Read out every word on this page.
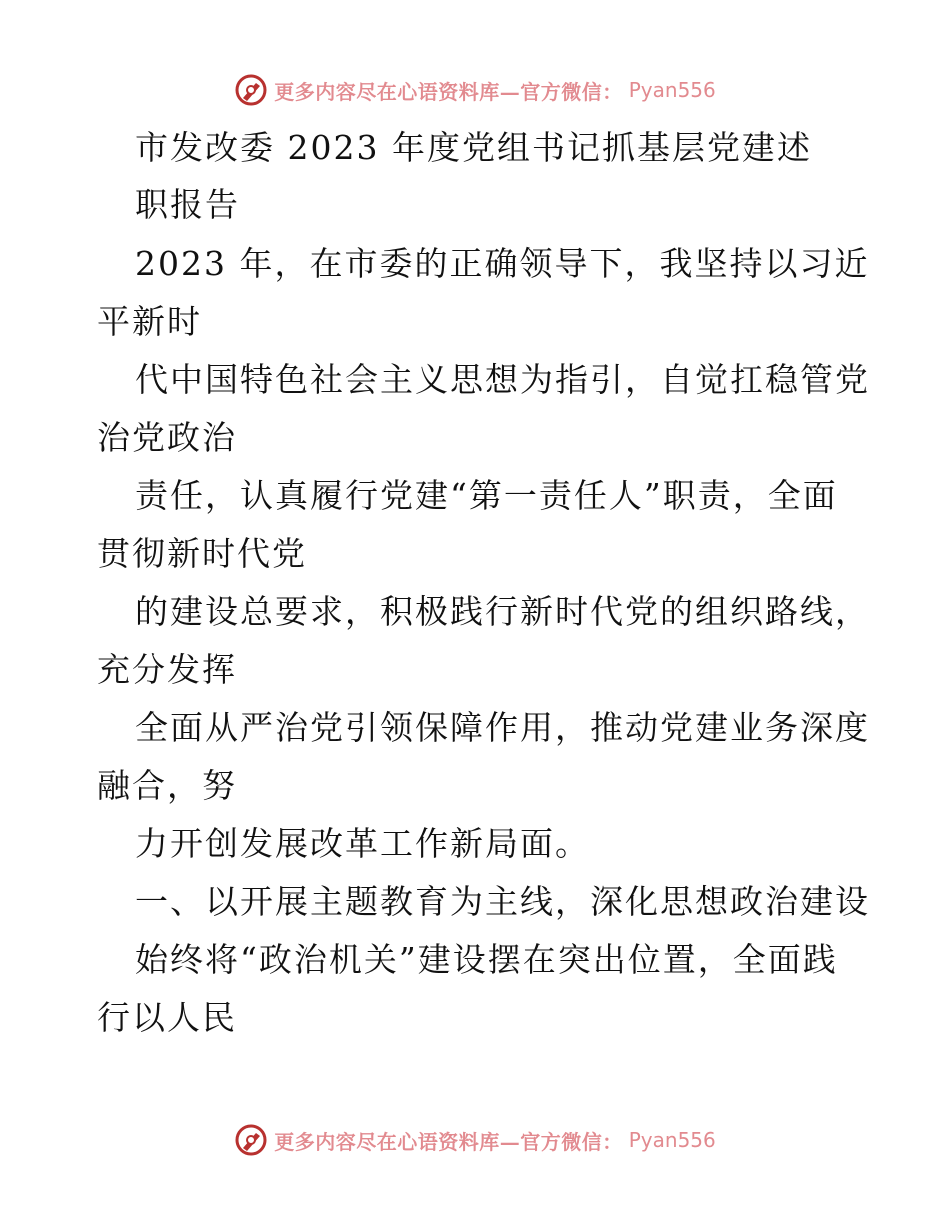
更多内容尽在心语资料库—官方微信： Pyan556
市发改委 2023 年度党组书记抓基层党建述
职报告
2023 年，在市委的正确领导下，我坚持以习近
平新时
代中国特色社会主义思想为指引，自觉扛稳管党
治党政治
责任，认真履行党建“第一责任人”职责，全面
贯彻新时代党
的建设总要求，积极践行新时代党的组织路线，
充分发挥
全面从严治党引领保障作用，推动党建业务深度
融合，努
力开创发展改革工作新局面。
一、以开展主题教育为主线，深化思想政治建设
始终将“政治机关”建设摆在突出位置，全面践
行以人民
更多内容尽在心语资料库—官方微信： Pyan556
